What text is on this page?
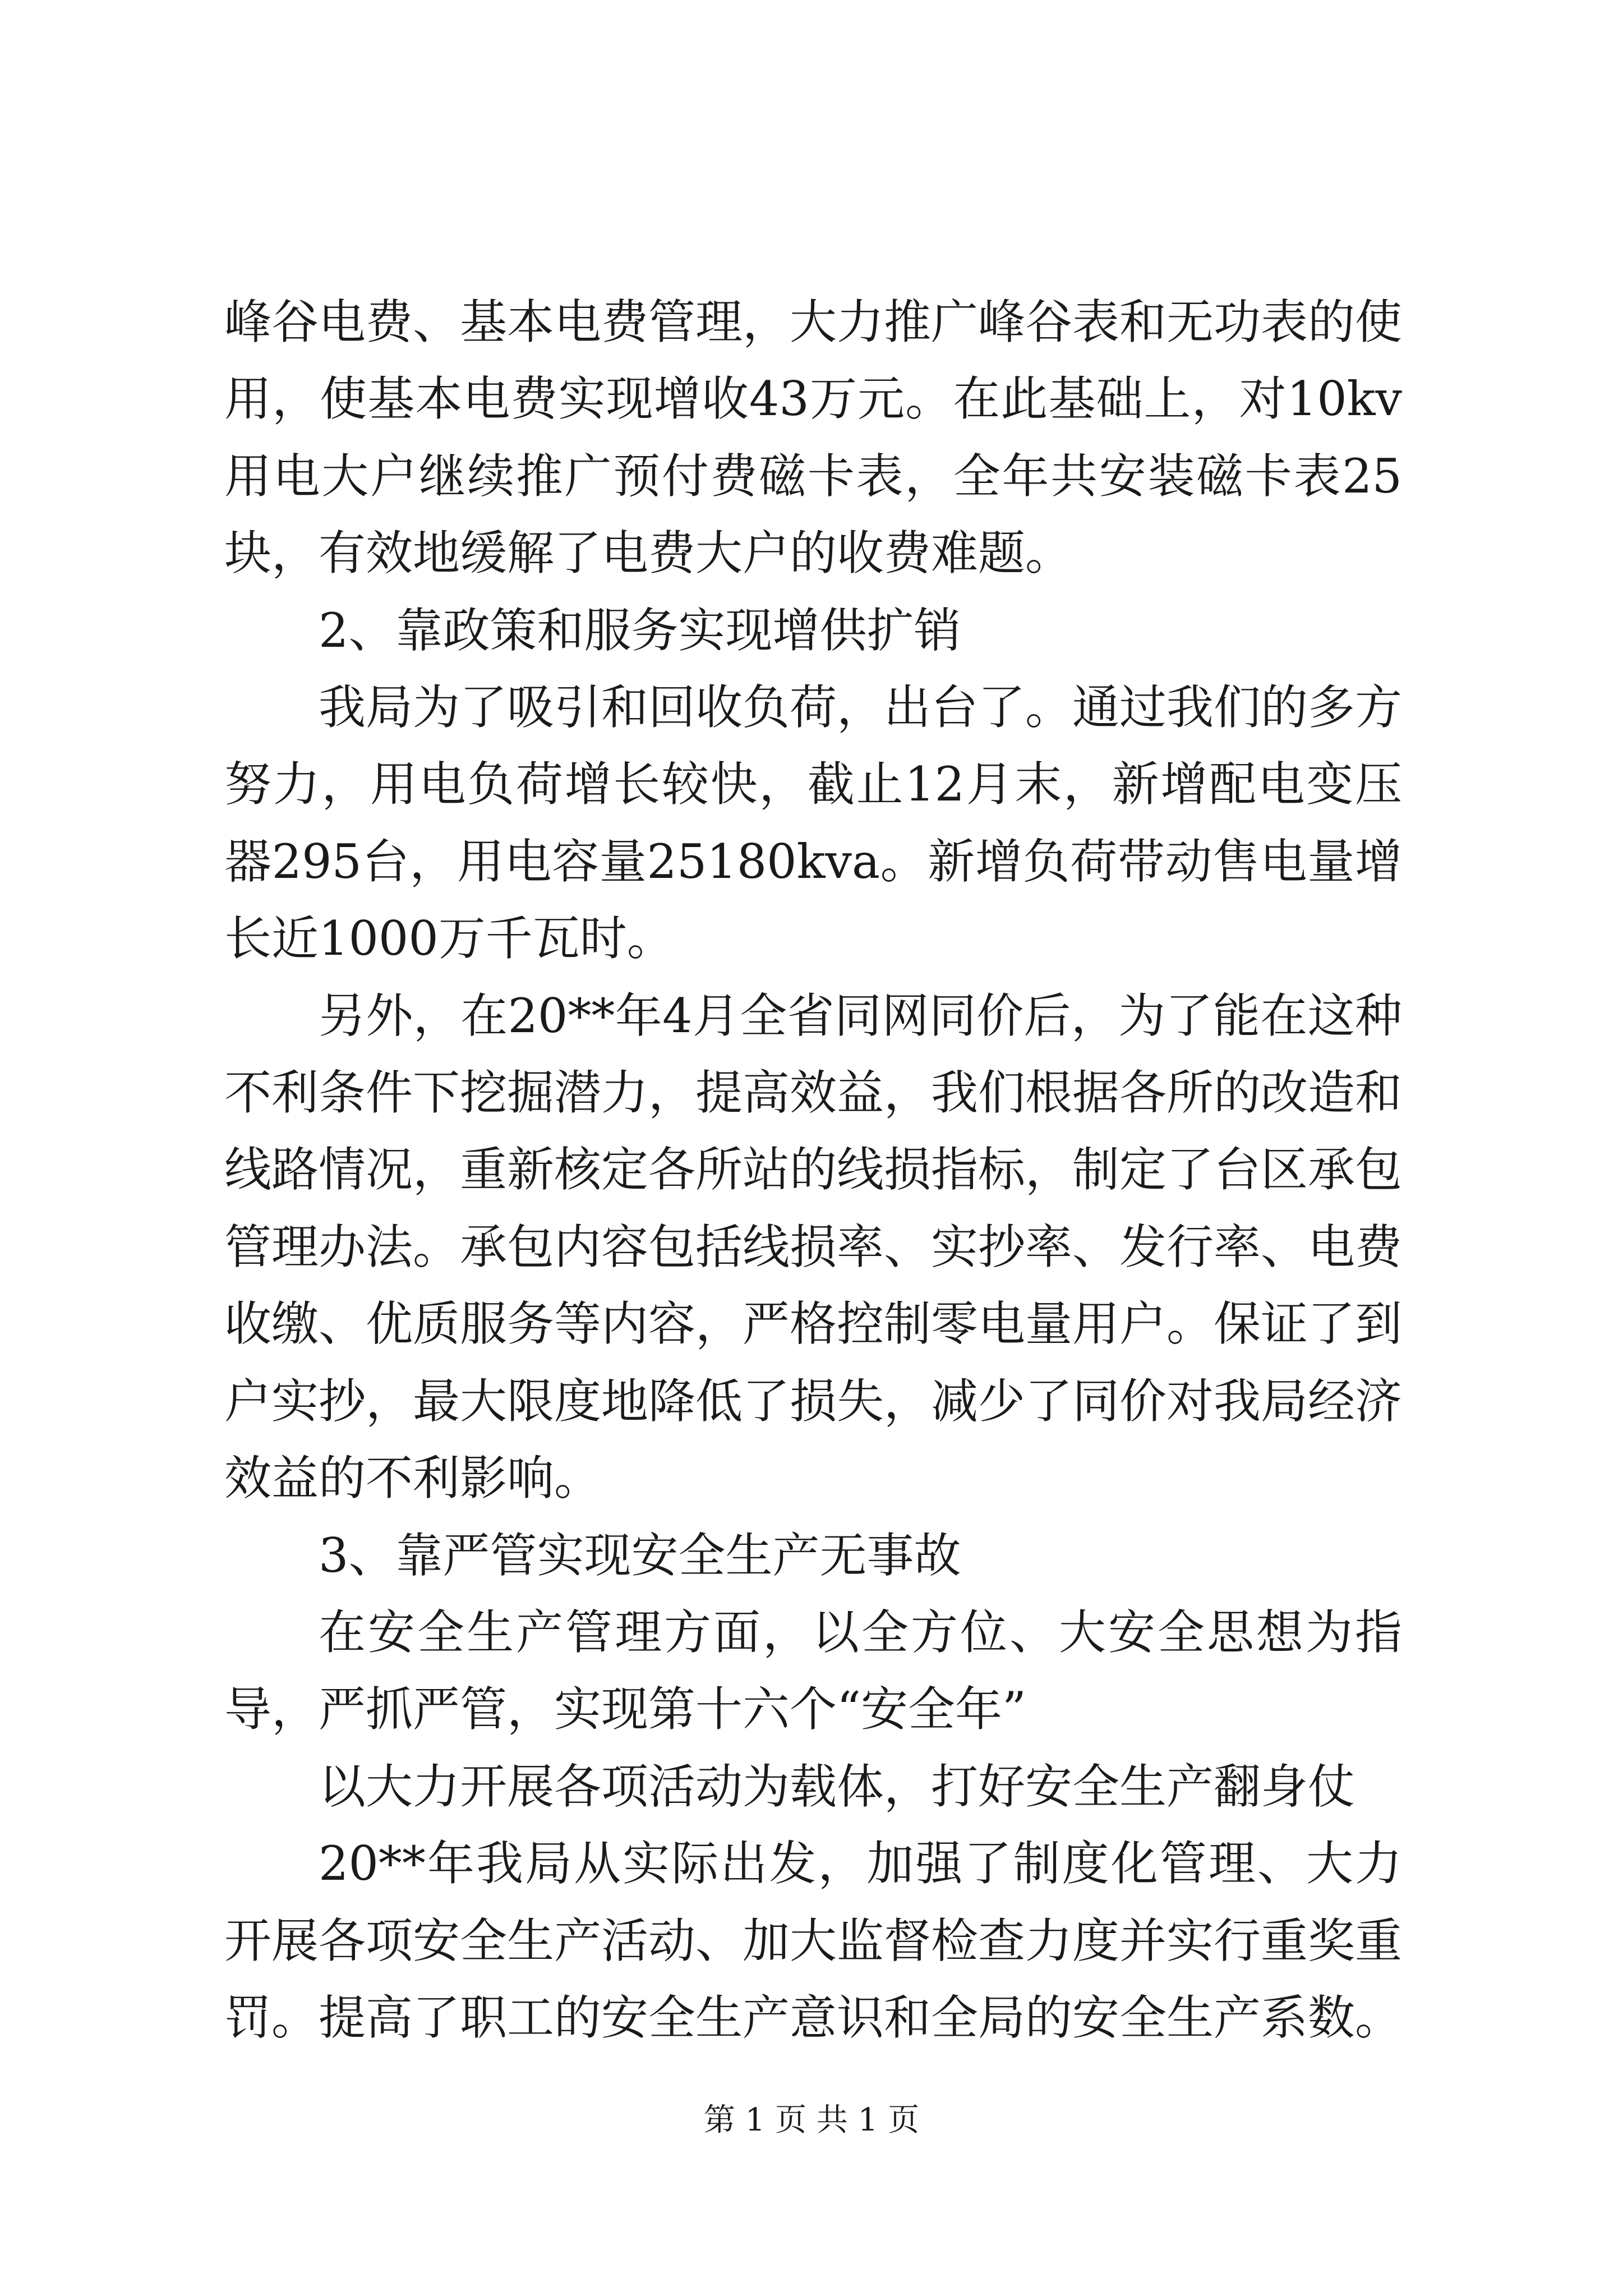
峰谷电费、基本电费管理，大力推广峰谷表和无功表的使用，使基本电费实现增收43万元。在此基础上，对10kv用电大户继续推广预付费磁卡表，全年共安装磁卡表25块，有效地缓解了电费大户的收费难题。

2、靠政策和服务实现增供扩销

我局为了吸引和回收负荷，出台了。通过我们的多方努力，用电负荷增长较快，截止12月末，新增配电变压器295台，用电容量25180kva。新增负荷带动售电量增长近1000万千瓦时。

另外，在20**年4月全省同网同价后，为了能在这种不利条件下挖掘潜力，提高效益，我们根据各所的改造和线路情况，重新核定各所站的线损指标，制定了台区承包管理办法。承包内容包括线损率、实抄率、发行率、电费收缴、优质服务等内容，严格控制零电量用户。保证了到户实抄，最大限度地降低了损失，减少了同价对我局经济效益的不利影响。

3、靠严管实现安全生产无事故

在安全生产管理方面，以全方位、大安全思想为指导，严抓严管，实现第十六个“安全年”

以大力开展各项活动为载体，打好安全生产翻身仗

20**年我局从实际出发，加强了制度化管理、大力开展各项安全生产活动、加大监督检查力度并实行重奖重罚。提高了职工的安全生产意识和全局的安全生产系数。

第 1 页 共 1 页
